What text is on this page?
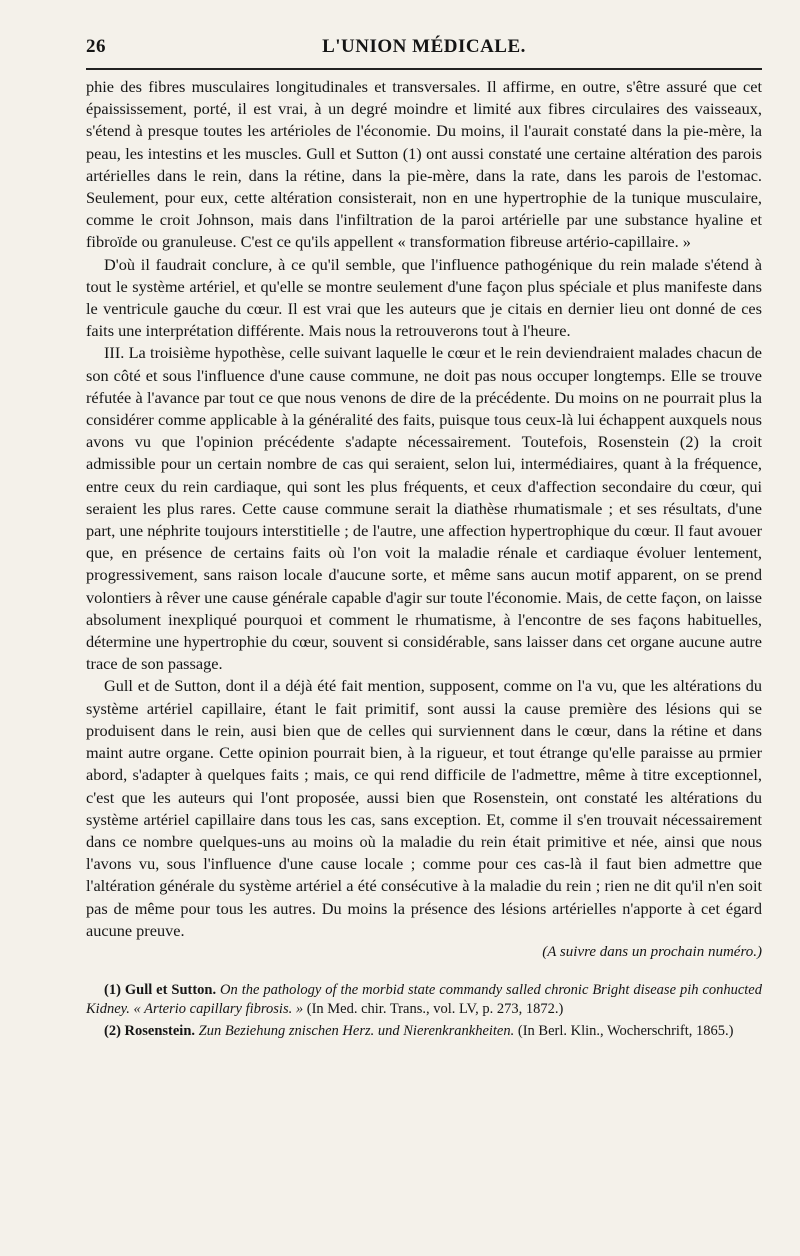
26	L'UNION MÉDICALE.

phie des fibres musculaires longitudinales et transversales. Il affirme, en outre, s'être assuré que cet épaississement, porté, il est vrai, à un degré moindre et limité aux fibres circulaires des vaisseaux, s'étend à presque toutes les artérioles de l'économie. Du moins, il l'aurait constaté dans la pie-mère, la peau, les intestins et les muscles. Gull et Sutton (1) ont aussi constaté une certaine altération des parois artérielles dans le rein, dans la rétine, dans la pie-mère, dans la rate, dans les parois de l'estomac. Seulement, pour eux, cette altération consisterait, non en une hypertrophie de la tunique musculaire, comme le croit Johnson, mais dans l'infiltration de la paroi artérielle par une substance hyaline et fibroïde ou granuleuse. C'est ce qu'ils appellent « transformation fibreuse artério-capillaire. »

D'où il faudrait conclure, à ce qu'il semble, que l'influence pathogénique du rein malade s'étend à tout le système artériel, et qu'elle se montre seulement d'une façon plus spéciale et plus manifeste dans le ventricule gauche du cœur. Il est vrai que les auteurs que je citais en dernier lieu ont donné de ces faits une interprétation différente. Mais nous la retrouverons tout à l'heure.

III. La troisième hypothèse, celle suivant laquelle le cœur et le rein deviendraient malades chacun de son côté et sous l'influence d'une cause commune, ne doit pas nous occuper longtemps. Elle se trouve réfutée à l'avance par tout ce que nous venons de dire de la précédente. Du moins on ne pourrait plus la considérer comme applicable à la généralité des faits, puisque tous ceux-là lui échappent auxquels nous avons vu que l'opinion précédente s'adapte nécessairement. Toutefois, Rosenstein (2) la croit admissible pour un certain nombre de cas qui seraient, selon lui, intermédiaires, quant à la fréquence, entre ceux du rein cardiaque, qui sont les plus fréquents, et ceux d'affection secondaire du cœur, qui seraient les plus rares. Cette cause commune serait la diathèse rhumatismale ; et ses résultats, d'une part, une néphrite toujours interstitielle ; de l'autre, une affection hypertrophique du cœur. Il faut avouer que, en présence de certains faits où l'on voit la maladie rénale et cardiaque évoluer lentement, progressivement, sans raison locale d'aucune sorte, et même sans aucun motif apparent, on se prend volontiers à rêver une cause générale capable d'agir sur toute l'économie. Mais, de cette façon, on laisse absolument inexpliqué pourquoi et comment le rhumatisme, à l'encontre de ses façons habituelles, détermine une hypertrophie du cœur, souvent si considérable, sans laisser dans cet organe aucune autre trace de son passage.

Gull et de Sutton, dont il a déjà été fait mention, supposent, comme on l'a vu, que les altérations du système artériel capillaire, étant le fait primitif, sont aussi la cause première des lésions qui se produisent dans le rein, ausi bien que de celles qui surviennent dans le cœur, dans la rétine et dans maint autre organe. Cette opinion pourrait bien, à la rigueur, et tout étrange qu'elle paraisse au prmier abord, s'adapter à quelques faits ; mais, ce qui rend difficile de l'admettre, même à titre exceptionnel, c'est que les auteurs qui l'ont proposée, aussi bien que Rosenstein, ont constaté les altérations du système artériel capillaire dans tous les cas, sans exception. Et, comme il s'en trouvait nécessairement dans ce nombre quelques-uns au moins où la maladie du rein était primitive et née, ainsi que nous l'avons vu, sous l'influence d'une cause locale ; comme pour ces cas-là il faut bien admettre que l'altération générale du système artériel a été consécutive à la maladie du rein ; rien ne dit qu'il n'en soit pas de même pour tous les autres. Du moins la présence des lésions artérielles n'apporte à cet égard aucune preuve.

(A suivre dans un prochain numéro.)

(1) Gull et Sutton. On the pathology of the morbid state commandy salled chronic Bright disease pih conhucted Kidney. « Arterio capillary fibrosis. » (In Med. chir. Trans., vol. LV, p. 273, 1872.)

(2) Rosenstein. Zun Beziehung znischen Herz. und Nierenkrankheiten. (In Berl. Klin., Wocherschrift, 1865.)
